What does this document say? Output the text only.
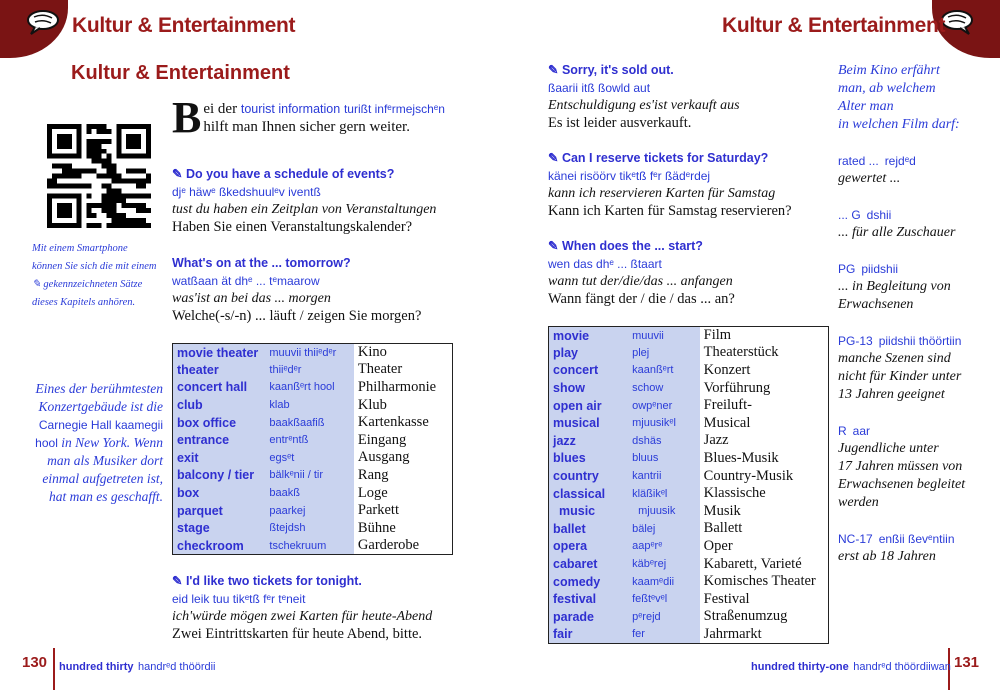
Kultur & Entertainment	Kultur & Entertainment
Kultur & Entertainment
Mit einem Smartphone können Sie sich die mit einem ✎ gekennzeichneten Sätze dieses Kapitels anhören.
Bei der tourist information turißt infᵉrmejschᵉn hilft man Ihnen sicher gern weiter.
✎ Do you have a schedule of events?
djᵉ häwᵉ ßkedshuulᵉv iventß
tust du haben ein Zeitplan von Veranstaltungen
Haben Sie einen Veranstaltungskalender?
What's on at the ... tomorrow?
watßaan ät dhᵉ ... tᵉmaarow
was'ist an bei das ... morgen
Welche(-s/-n) ... läuft / zeigen Sie morgen?
movie theater	muuvii thiiᵉdᵉr	Kino
theater	thiiᵉdᵉr	Theater
concert hall	kaanßᵉrt hool	Philharmonie
club	klab	Klub
box office	baakßaafiß	Kartenkasse
entrance	entrᵉntß	Eingang
exit	egsᵉt	Ausgang
balcony / tier	bälkᵉnii / tir	Rang
box	baakß	Loge
parquet	paarkej	Parkett
stage	ßtejdsh	Bühne
checkroom	tschekruum	Garderobe
Eines der berühmtesten Konzertgebäude ist die Carnegie Hall kaamegii hool in New York. Wenn man als Musiker dort einmal aufgetreten ist, hat man es geschafft.
✎ I'd like two tickets for tonight.
eid leik tuu tikᵉtß fᵉr tᵉneit
ich'würde mögen zwei Karten für heute-Abend
Zwei Eintrittskarten für heute Abend, bitte.
✎ Sorry, it's sold out.
ßaarii itß ßowld aut
Entschuldigung es'ist verkauft aus
Es ist leider ausverkauft.
✎ Can I reserve tickets for Saturday?
känei risöörv tikᵉtß fᵉr ßädᵉrdej
kann ich reservieren Karten für Samstag
Kann ich Karten für Samstag reservieren?
✎ When does the ... start?
wen das dhᵉ ... ßtaart
wann tut der/die/das ... anfangen
Wann fängt der / die / das ... an?
movie	muuvii	Film
play	plej	Theaterstück
concert	kaanßᵉrt	Konzert
show	schow	Vorführung
open air	owpᵉner	Freiluft-
musical	mjuusikᵉl	Musical
jazz	dshäs	Jazz
blues	bluus	Blues-Musik
country	kantrii	Country-Musik
classical	kläßikᵉl	Klassische
music	mjuusik	Musik
ballet	bälej	Ballett
opera	aapᵉrᵉ	Oper
cabaret	käbᵉrej	Kabarett, Varieté
comedy	kaamᵉdii	Komisches Theater
festival	feßtᵉvᵉl	Festival
parade	pᵉrejd	Straßenumzug
fair	fer	Jahrmarkt
Beim Kino erfährt
man, ab welchem
Alter man
in welchen Film darf:
rated ... rejdᵉd
gewertet ...
... G dshii
... für alle Zuschauer
PG piidshii
... in Begleitung von
Erwachsenen
PG-13 piidshii thöörtiin
manche Szenen sind
nicht für Kinder unter
13 Jahren geeignet
R aar
Jugendliche unter
17 Jahren müssen von
Erwachsenen begleitet
werden
NC-17 enßii ßevᵉntiin
erst ab 18 Jahren
130 hundred thirty handrᵉd thöördii	hundred thirty-one handrᵉd thöördiiwan 131
